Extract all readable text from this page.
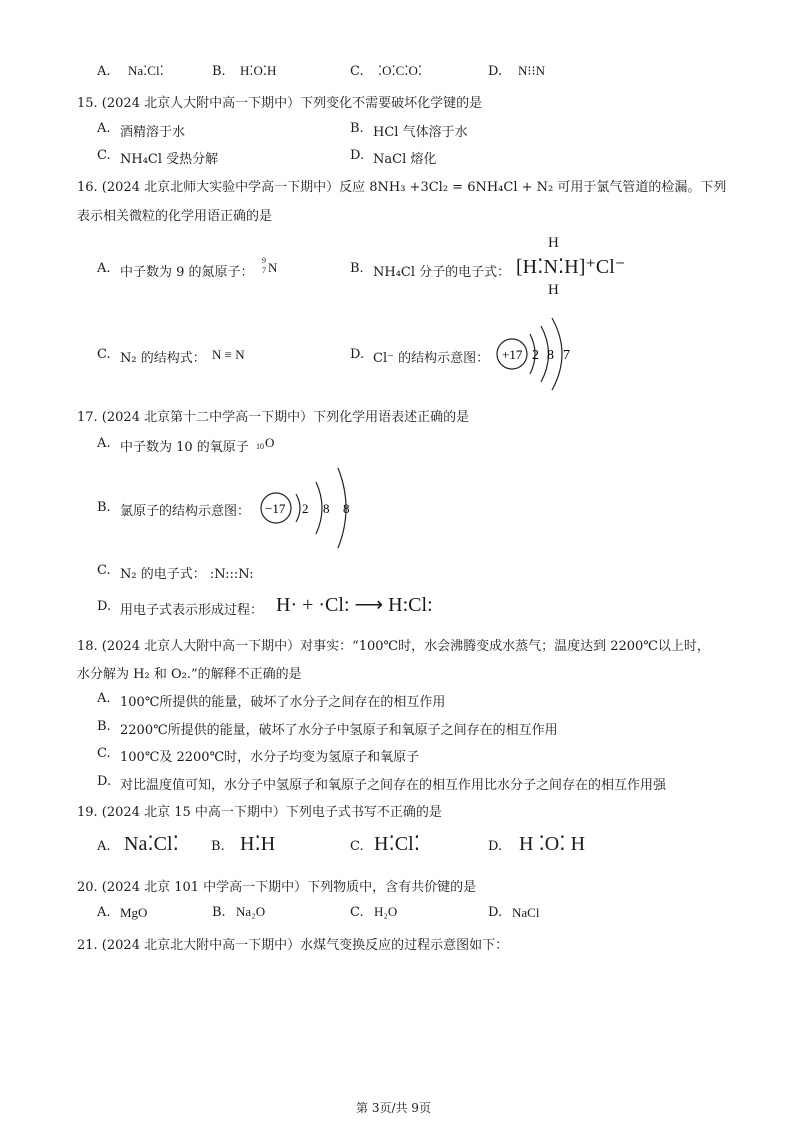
A. Na⁚Cl⁚	B. H⁚O⁚H	C. ⁚O⁚C⁚O⁚	D. N⁝⁝N
15. (2024 北京人大附中高一下期中）下列变化不需要破坏化学键的是
A. 酒精溶于水	B. HCl 气体溶于水
C. NH₄Cl 受热分解	D. NaCl 熔化
16. (2024 北京北师大实验中学高一下期中）反应 8NH₃ +3Cl₂ = 6NH₄Cl + N₂ 可用于氯气管道的检漏。下列
表示相关微粒的化学用语正确的是
A. 中子数为 9 的氮原子：
9
7 N	B. NH₄Cl 分子的电子式：
H
[H⁚N⁚H]⁺Cl⁻
H
C. N₂ 的结构式： N ≡ N	D. Cl⁻ 的结构示意图： +17 2 8 7
17. (2024 北京第十二中学高一下期中）下列化学用语表述正确的是
A. 中子数为 10 的氧原子 10 O
B. 氯原子的结构示意图： −17 2 8 8
C. N₂ 的电子式： :N:::N:
D. 用电子式表示形成过程： H· + ·Cl: ⟶ H:Cl:
18. (2024 北京人大附中高一下期中）对事实：“100℃时，水会沸腾变成水蒸气；温度达到 2200℃以上时，
水分解为 H₂ 和 O₂.”的解释不正确的是
A. 100℃所提供的能量，破坏了水分子之间存在的相互作用
B. 2200℃所提供的能量，破坏了水分子中氢原子和氧原子之间存在的相互作用
C. 100℃及 2200℃时，水分子均变为氢原子和氧原子
D. 对比温度值可知，水分子中氢原子和氧原子之间存在的相互作用比水分子之间存在的相互作用强
19. (2024 北京 15 中高一下期中）下列电子式书写不正确的是
A. Na⁚Cl⁚ B. H⁚H	C. H⁚Cl⁚	D. H ⁚O⁚ H
20. (2024 北京 101 中学高一下期中）下列物质中，含有共价键的是
A. MgO	B. Na₂O	C. H₂O	D. NaCl
21. (2024 北京北大附中高一下期中）水煤气变换反应的过程示意图如下：
第 3页/共 9页
